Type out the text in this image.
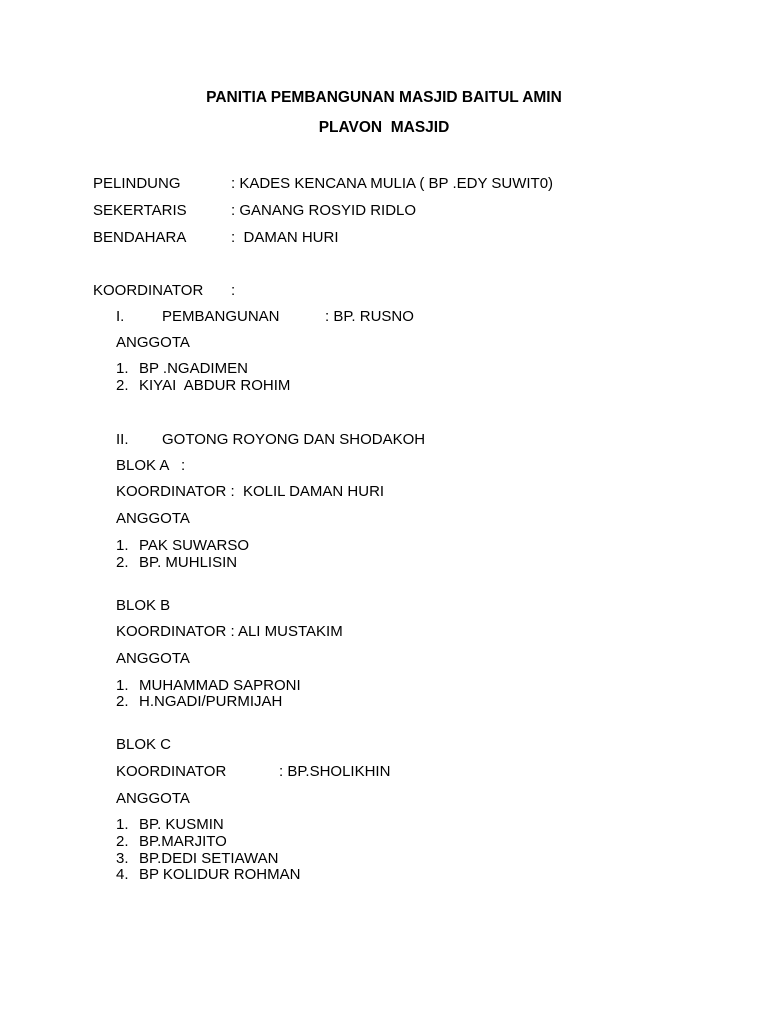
PANITIA PEMBANGUNAN MASJID BAITUL AMIN
PLAVON  MASJID
PELINDUNG	: KADES KENCANA MULIA ( BP .EDY SUWIT0)
SEKERTARIS	: GANANG ROSYID RIDLO
BENDAHARA	:  DAMAN HURI
KOORDINATOR :
I.	PEMBANGUNAN	: BP. RUSNO
ANGGOTA
1. BP .NGADIMEN
2. KIYAI  ABDUR ROHIM
II. GOTONG ROYONG DAN SHODAKOH
BLOK A   :
KOORDINATOR :  KOLIL DAMAN HURI
ANGGOTA
1. PAK SUWARSO
2. BP. MUHLISIN
BLOK B
KOORDINATOR : ALI MUSTAKIM
ANGGOTA
1. MUHAMMAD SAPRONI
2. H.NGADI/PURMIJAH
BLOK C
KOORDINATOR	: BP.SHOLIKHIN
ANGGOTA
1. BP. KUSMIN
2. BP.MARJITO
3. BP.DEDI SETIAWAN
4. BP KOLIDUR ROHMAN
